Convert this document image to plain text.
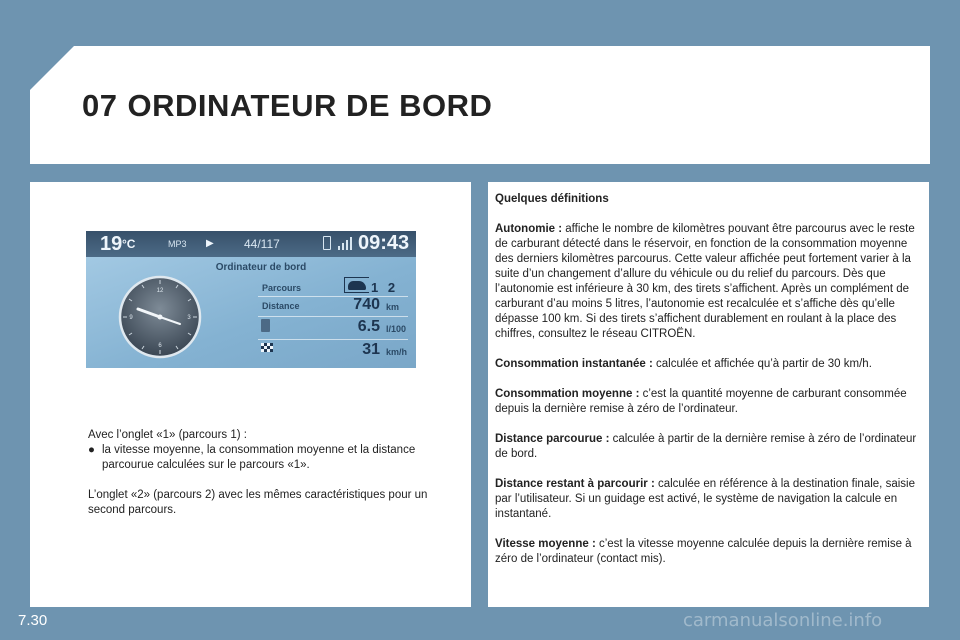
07 ORDINATEUR DE BORD
19 °C	MP3 ▶	44/117	09:43
12
3
6
9
Ordinateur de bord
Parcours	1 2
Distance	740 km
6.5 l/100
31 km/h

Avec l’onglet «1» (parcours 1) :

● la vitesse moyenne, la consommation moyenne et la distance parcourue calculées sur le parcours «1».

L’onglet «2» (parcours 2) avec les mêmes caractéristiques pour un second parcours.

Quelques définitions

Autonomie : affiche le nombre de kilomètres pouvant être parcourus avec le reste de carburant détecté dans le réservoir, en fonction de la consommation moyenne des derniers kilomètres parcourus. Cette valeur affichée peut fortement varier à la suite d’un changement d’allure du véhicule ou du relief du parcours. Dès que l’autonomie est inférieure à 30 km, des tirets s’affichent. Après un complément de carburant d’au moins 5 litres, l’autonomie est recalculée et s’affiche dès qu’elle dépasse 100 km. Si des tirets s’affichent durablement en roulant à la place des chiffres, consultez le réseau CITROËN.

Consommation instantanée : calculée et affichée qu’à partir de 30 km/h.

Consommation moyenne : c’est la quantité moyenne de carburant consommée depuis la dernière remise à zéro de l’ordinateur.

Distance parcourue : calculée à partir de la dernière remise à zéro de l’ordinateur de bord.

Distance restant à parcourir : calculée en référence à la destination finale, saisie par l’utilisateur. Si un guidage est activé, le système de navigation la calcule en instantané.

Vitesse moyenne : c’est la vitesse moyenne calculée depuis la dernière remise à zéro de l’ordinateur (contact mis).

7.30	carmanualsonline.info
